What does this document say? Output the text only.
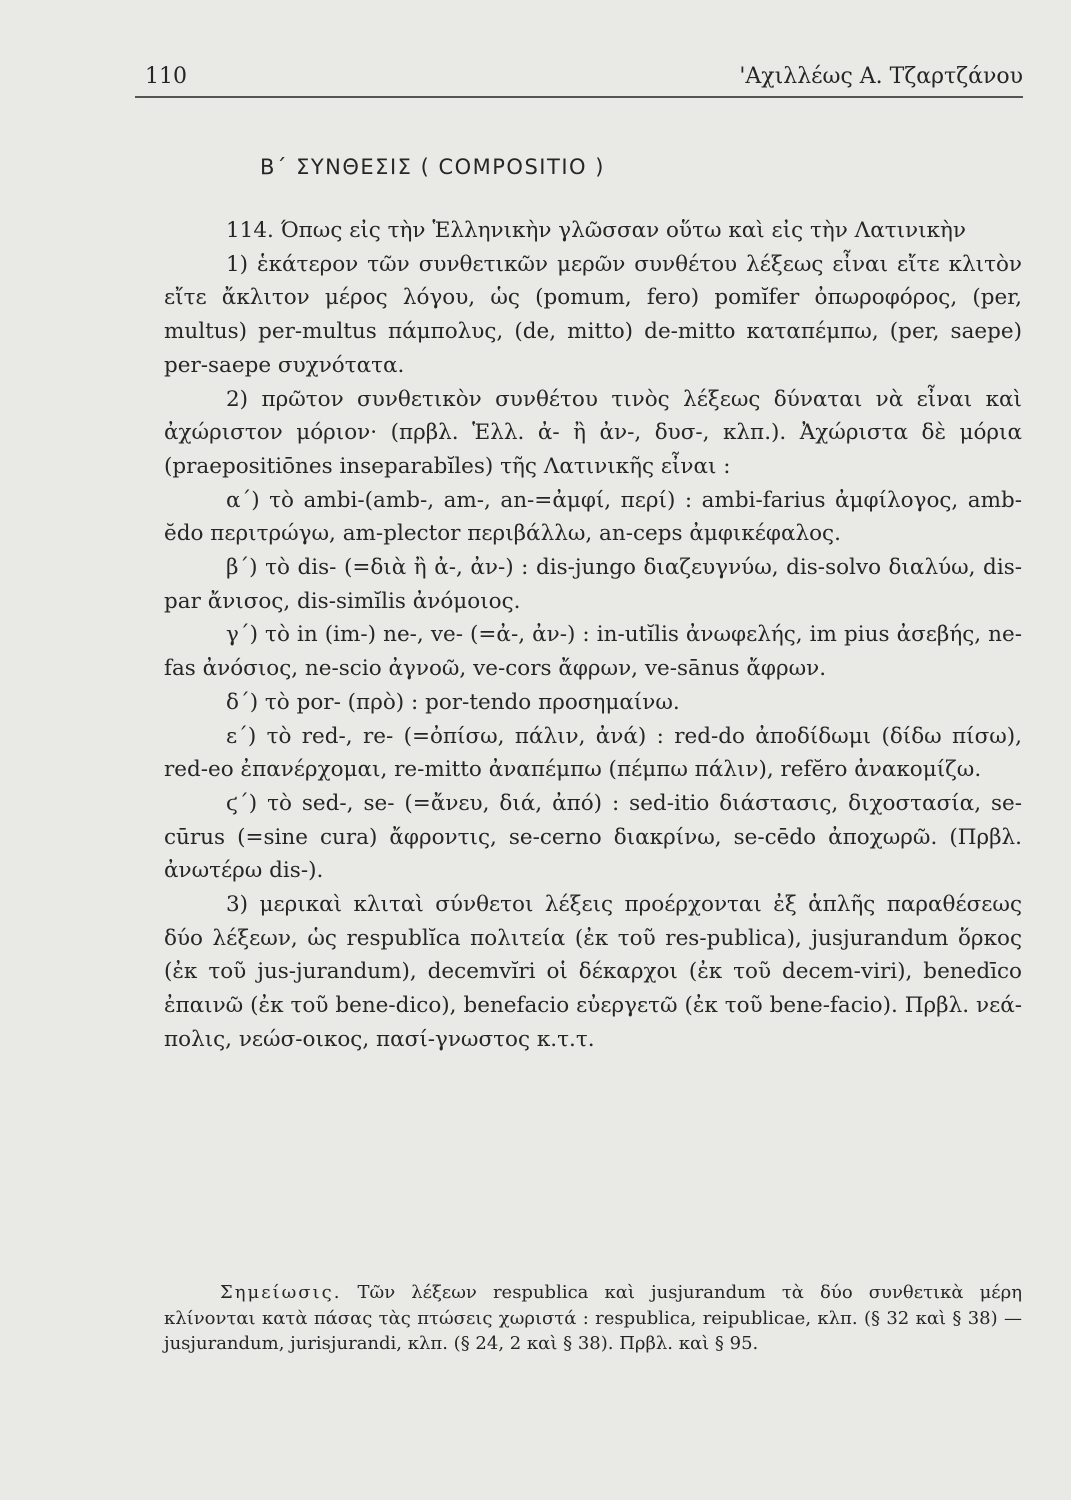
110	'Αχιλλέως Α. Τζαρτζάνου
Β΄ ΣΥΝΘΕΣΙΣ ( COMPOSITIO )

114. Όπως εἰς τὴν Ἑλληνικὴν γλῶσσαν οὕτω καὶ εἰς τὴν Λατινικὴν

1) ἑκάτερον τῶν συνθετικῶν μερῶν συνθέτου λέξεως εἶναι εἴτε κλιτὸν εἴτε ἄκλιτον μέρος λόγου, ὡς (pomum, fero) pomĭfer ὀπωροφόρος, (per, multus) per-multus πάμπολυς, (de, mitto) de-mitto καταπέμπω, (per, saepe) per-saepe συχνότατα.

2) πρῶτον συνθετικὸν συνθέτου τινὸς λέξεως δύναται νὰ εἶναι καὶ ἀχώριστον μόριον· (πρβλ. Ἑλλ. ἀ- ἢ ἀν-, δυσ-, κλπ.). Ἀχώριστα δὲ μόρια (praepositiōnes inseparabĭles) τῆς Λατινικῆς εἶναι :

α΄) τὸ ambi-(amb-, am-, an-=ἀμφί, περί) : ambi-farius ἀμφίλογος, amb-ĕdo περιτρώγω, am-plector περιβάλλω, an-ceps ἀμφικέφαλος.

β΄) τὸ dis- (=διὰ ἢ ἀ-, ἀν-) : dis-jungo διαζευγνύω, dis-solvo διαλύω, dis-par ἄνισος, dis-simĭlis ἀνόμοιος.

γ΄) τὸ in (im-) ne-, ve- (=ἀ-, ἀν-) : in-utĭlis ἀνωφελής, im pius ἀσεβής, ne-fas ἀνόσιος, ne-scio ἀγνοῶ, ve-cors ἄφρων, ve-sānus ἄφρων.

δ΄) τὸ por- (πρὸ) : por-tendo προσημαίνω.

ε΄) τὸ red-, re- (=ὀπίσω, πάλιν, ἀνά) : red-do ἀποδίδωμι (δίδω πίσω), red-eo ἐπανέρχομαι, re-mitto ἀναπέμπω (πέμπω πάλιν), refĕro ἀνακομίζω.

ϛ΄) τὸ sed-, se- (=ἄνευ, διά, ἀπό) : sed-itio διάστασις, διχοστασία, se-cūrus (=sine cura) ἄφροντις, se-cerno διακρίνω, se-cēdo ἀποχωρῶ. (Πρβλ. ἀνωτέρω dis-).

3) μερικαὶ κλιταὶ σύνθετοι λέξεις προέρχονται ἐξ ἁπλῆς παραθέσεως δύο λέξεων, ὡς respublĭca πολιτεία (ἐκ τοῦ res-publica), jusjurandum ὅρκος (ἐκ τοῦ jus-jurandum), decemvĭri οἱ δέκαρχοι (ἐκ τοῦ decem-viri), benedīco ἐπαινῶ (ἐκ τοῦ bene-dico), benefacio εὐεργετῶ (ἐκ τοῦ bene-facio). Πρβλ. νεά-πολις, νεώσ-οικος, πασί-γνωστος κ.τ.τ.

Σημείωσις. Τῶν λέξεων respublica καὶ jusjurandum τὰ δύο συνθετικὰ μέρη κλίνονται κατὰ πάσας τὰς πτώσεις χωριστά : respublica, reipublicae, κλπ. (§ 32 καὶ § 38) — jusjurandum, jurisjurandi, κλπ. (§ 24, 2 καὶ § 38). Πρβλ. καὶ § 95.
